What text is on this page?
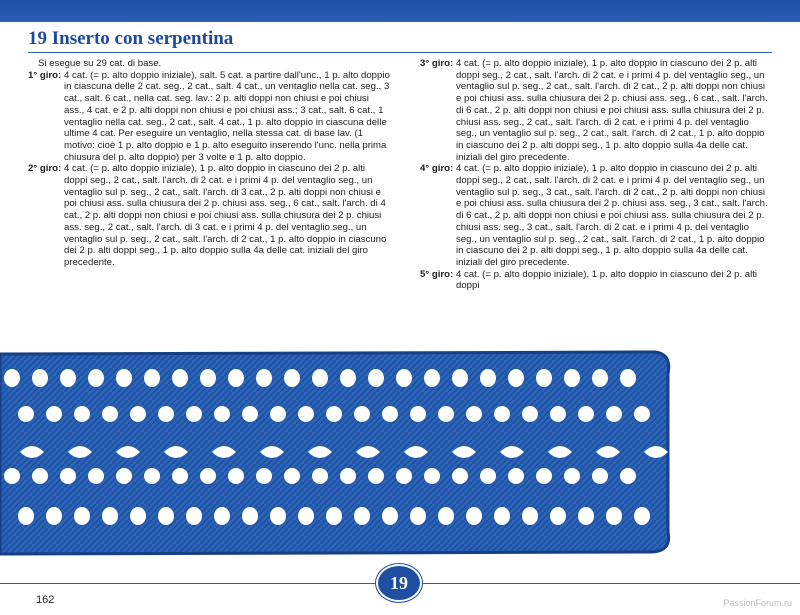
19 Inserto con serpentina

Si esegue su 29 cat. di base.

1° giro: 4 cat. (= p. alto doppio iniziale), salt. 5 cat. a partire dall'unc., 1 p. alto doppio in ciascuna delle 2 cat. seg., 2 cat., salt. 4 cat., un ventaglio nella cat. seg., 3 cat., salt. 6 cat., nella cat. seg. lav.: 2 p. alti doppi non chiusi e poi chiusi ass., 4 cat. e 2 p. alti doppi non chiusi e poi chiusi ass.; 3 cat., salt. 6 cat., 1 ventaglio nella cat. seg., 2 cat., salt. 4 cat., 1 p. alto doppio in ciascuna delle ultime 4 cat. Per eseguire un ventaglio, nella stessa cat. di base lav. (1 motivo: cioè 1 p. alto doppio e 1 p. alto eseguito inserendo l'unc. nella prima chiusura del p. alto doppio) per 3 volte e 1 p. alto doppio.

2° giro: 4 cat. (= p. alto doppio iniziale), 1 p. alto doppio in ciascuno dei 2 p. alti doppi seg., 2 cat., salt. l'arch. di 2 cat. e i primi 4 p. del ventaglio seg., un ventaglio sul p. seg., 2 cat., salt. l'arch. di 3 cat., 2 p. alti doppi non chiusi e poi chiusi ass. sulla chiusura dei 2 p. chiusi ass. seg., 6 cat., salt. l'arch. di 4 cat., 2 p. alti doppi non chiusi e poi chiusi ass. sulla chiusura dei 2 p. chiusi ass. seg., 2 cat., salt. l'arch. di 3 cat. e i primi 4 p. del ventaglio seg., un ventaglio sul p. seg., 2 cat., salt. l'arch. di 2 cat., 1 p. alto doppio in ciascuno dei 2 p. alti doppi seg., 1 p. alto doppio sulla 4a delle cat. iniziali del giro precedente.

3° giro: 4 cat. (= p. alto doppio iniziale), 1 p. alto doppio in ciascuno dei 2 p. alti doppi seg., 2 cat., salt. l'arch. di 2 cat. e i primi 4 p. del ventaglio seg., un ventaglio sul p. seg., 2 cat., salt. l'arch. di 2 cat., 2 p. alti doppi non chiusi e poi chiusi ass. sulla chiusura dei 2 p. chiusi ass. seg., 6 cat., salt. l'arch. di 6 cat., 2 p. alti doppi non chiusi e poi chiusi ass. sulla chiusura dei 2 p. chiusi ass. seg., 2 cat., salt. l'arch. di 2 cat. e i primi 4 p. del ventaglio seg., un ventaglio sul p. seg., 2 cat., salt. l'arch. di 2 cat., 1 p. alto doppio in ciascuno dei 2 p. alti doppi seg., 1 p. alto doppio sulla 4a delle cat. iniziali del giro precedente.

4° giro: 4 cat. (= p. alto doppio iniziale), 1 p. alto doppio in ciascuno dei 2 p. alti doppi seg., 2 cat., salt. l'arch. di 2 cat. e i primi 4 p. del ventaglio seg., un ventaglio sul p. seg., 3 cat., salt. l'arch. di 2 cat., 2 p. alti doppi non chiusi e poi chiusi ass. sulla chiusura dei 2 p. chiusi ass. seg., 3 cat., salt. l'arch. di 6 cat., 2 p. alti doppi non chiusi e poi chiusi ass. sulla chiusura dei 2 p. chiusi ass. seg., 3 cat., salt. l'arch. di 2 cat. e i primi 4 p. del ventaglio seg., un ventaglio sul p. seg., 2 cat., salt. l'arch. di 2 cat., 1 p. alto doppio in ciascuno dei 2 p. alti doppi seg., 1 p. alto doppio sulla 4a delle cat. iniziali del giro precedente.

5° giro: 4 cat. (= p. alto doppio iniziale), 1 p. alto doppio in ciascuno dei 2 p. alti doppi

19
162	PassionForum.ru
